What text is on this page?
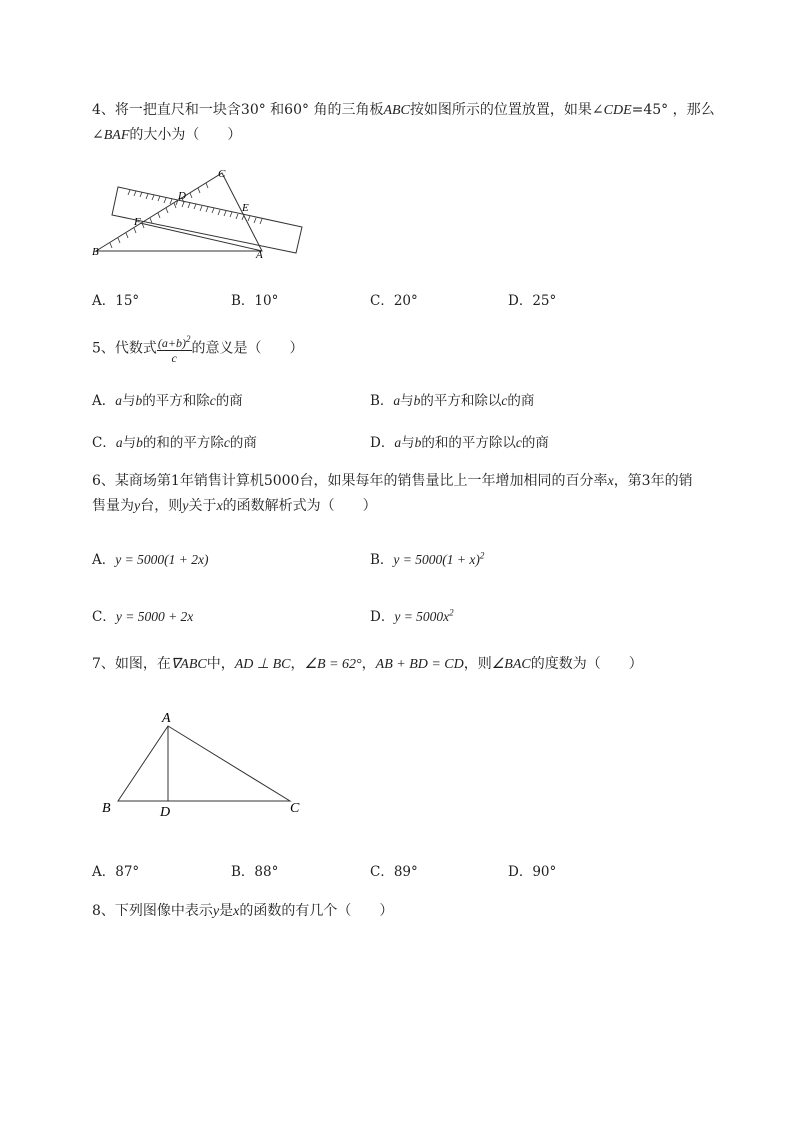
4、将一把直尺和一块含30° 和60° 角的三角板ABC按如图所示的位置放置，如果∠CDE=45° ，那么
∠BAF的大小为（　　）
C
D
E
F
B	A
A．15°	B．10°	C．20°	D．25°
5、代数式 $\frac{(a+b)^2}{c}$ 的意义是（　　）
A．a与b的平方和除c的商	B．a与b的平方和除以c的商
C．a与b的和的平方除c的商	D．a与b的和的平方除以c的商
6、某商场第1年销售计算机5000台，如果每年的销售量比上一年增加相同的百分率x，第3年的销
售量为y台，则y关于x的函数解析式为（　　）
A．y = 5000(1 + 2x)	B．$y = 5000(1 + x)^2$
C．y = 5000 + 2x	D．$y = 5000x^2$
7、如图，在∇ABC中，AD ⊥ BC，∠B = 62°，AB + BD = CD，则∠BAC的度数为（　　）
A
B	D	C
A．87°	B．88°	C．89°	D．90°
8、下列图像中表示y是x的函数的有几个（　　）
